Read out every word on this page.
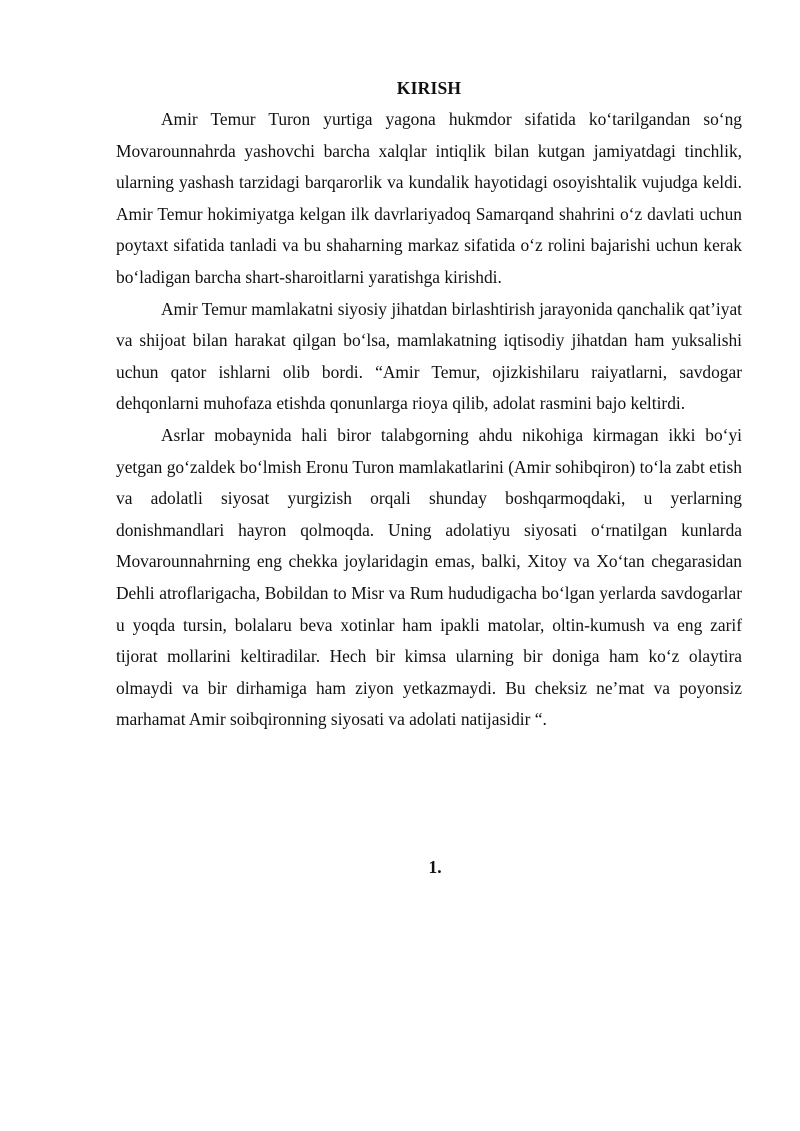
KIRISH

Amir Temur Turon yurtiga yagona hukmdor sifatida ko‘tarilgandan so‘ng Movarounnahrda yashovchi barcha xalqlar intiqlik bilan kutgan jamiyatdagi tinchlik, ularning yashash tarzidagi barqarorlik va kundalik hayotidagi osoyishtalik vujudga keldi. Amir Temur hokimiyatga kelgan ilk davrlariyadoq Samarqand shahrini o‘z davlati uchun poytaxt sifatida tanladi va bu shaharning markaz sifatida o‘z rolini bajarishi uchun kerak bo‘ladigan barcha shart-sharoitlarni yaratishga kirishdi.

Amir Temur mamlakatni siyosiy jihatdan birlashtirish jarayonida qanchalik qat’iyat va shijoat bilan harakat qilgan bo‘lsa, mamlakatning iqtisodiy jihatdan ham yuksalishi uchun qator ishlarni olib bordi. “Amir Temur, ojizkishilaru raiyatlarni, savdogar dehqonlarni muhofaza etishda qonunlarga rioya qilib, adolat rasmini bajo keltirdi.

Asrlar mobaynida hali biror talabgorning ahdu nikohiga kirmagan ikki bo‘yi yetgan go‘zaldek bo‘lmish Eronu Turon mamlakatlarini (Amir sohibqiron) to‘la zabt etish va adolatli siyosat yurgizish orqali shunday boshqarmoqdaki, u yerlarning donishmandlari hayron qolmoqda. Uning adolatiyu siyosati o‘rnatilgan kunlarda Movarounnahrning eng chekka joylaridagin emas, balki, Xitoy va Xo‘tan chegarasidan Dehli atroflarigacha, Bobildan to Misr va Rum hududigacha bo‘lgan yerlarda savdogarlar u yoqda tursin, bolalaru beva xotinlar ham ipakli matolar, oltin-kumush va eng zarif tijorat mollarini keltiradilar. Hech bir kimsa ularning bir doniga ham ko‘z olaytira olmaydi va bir dirhamiga ham ziyon yetkazmaydi. Bu cheksiz ne’mat va poyonsiz marhamat Amir soibqironning siyosati va adolati natijasidir “.

1.
